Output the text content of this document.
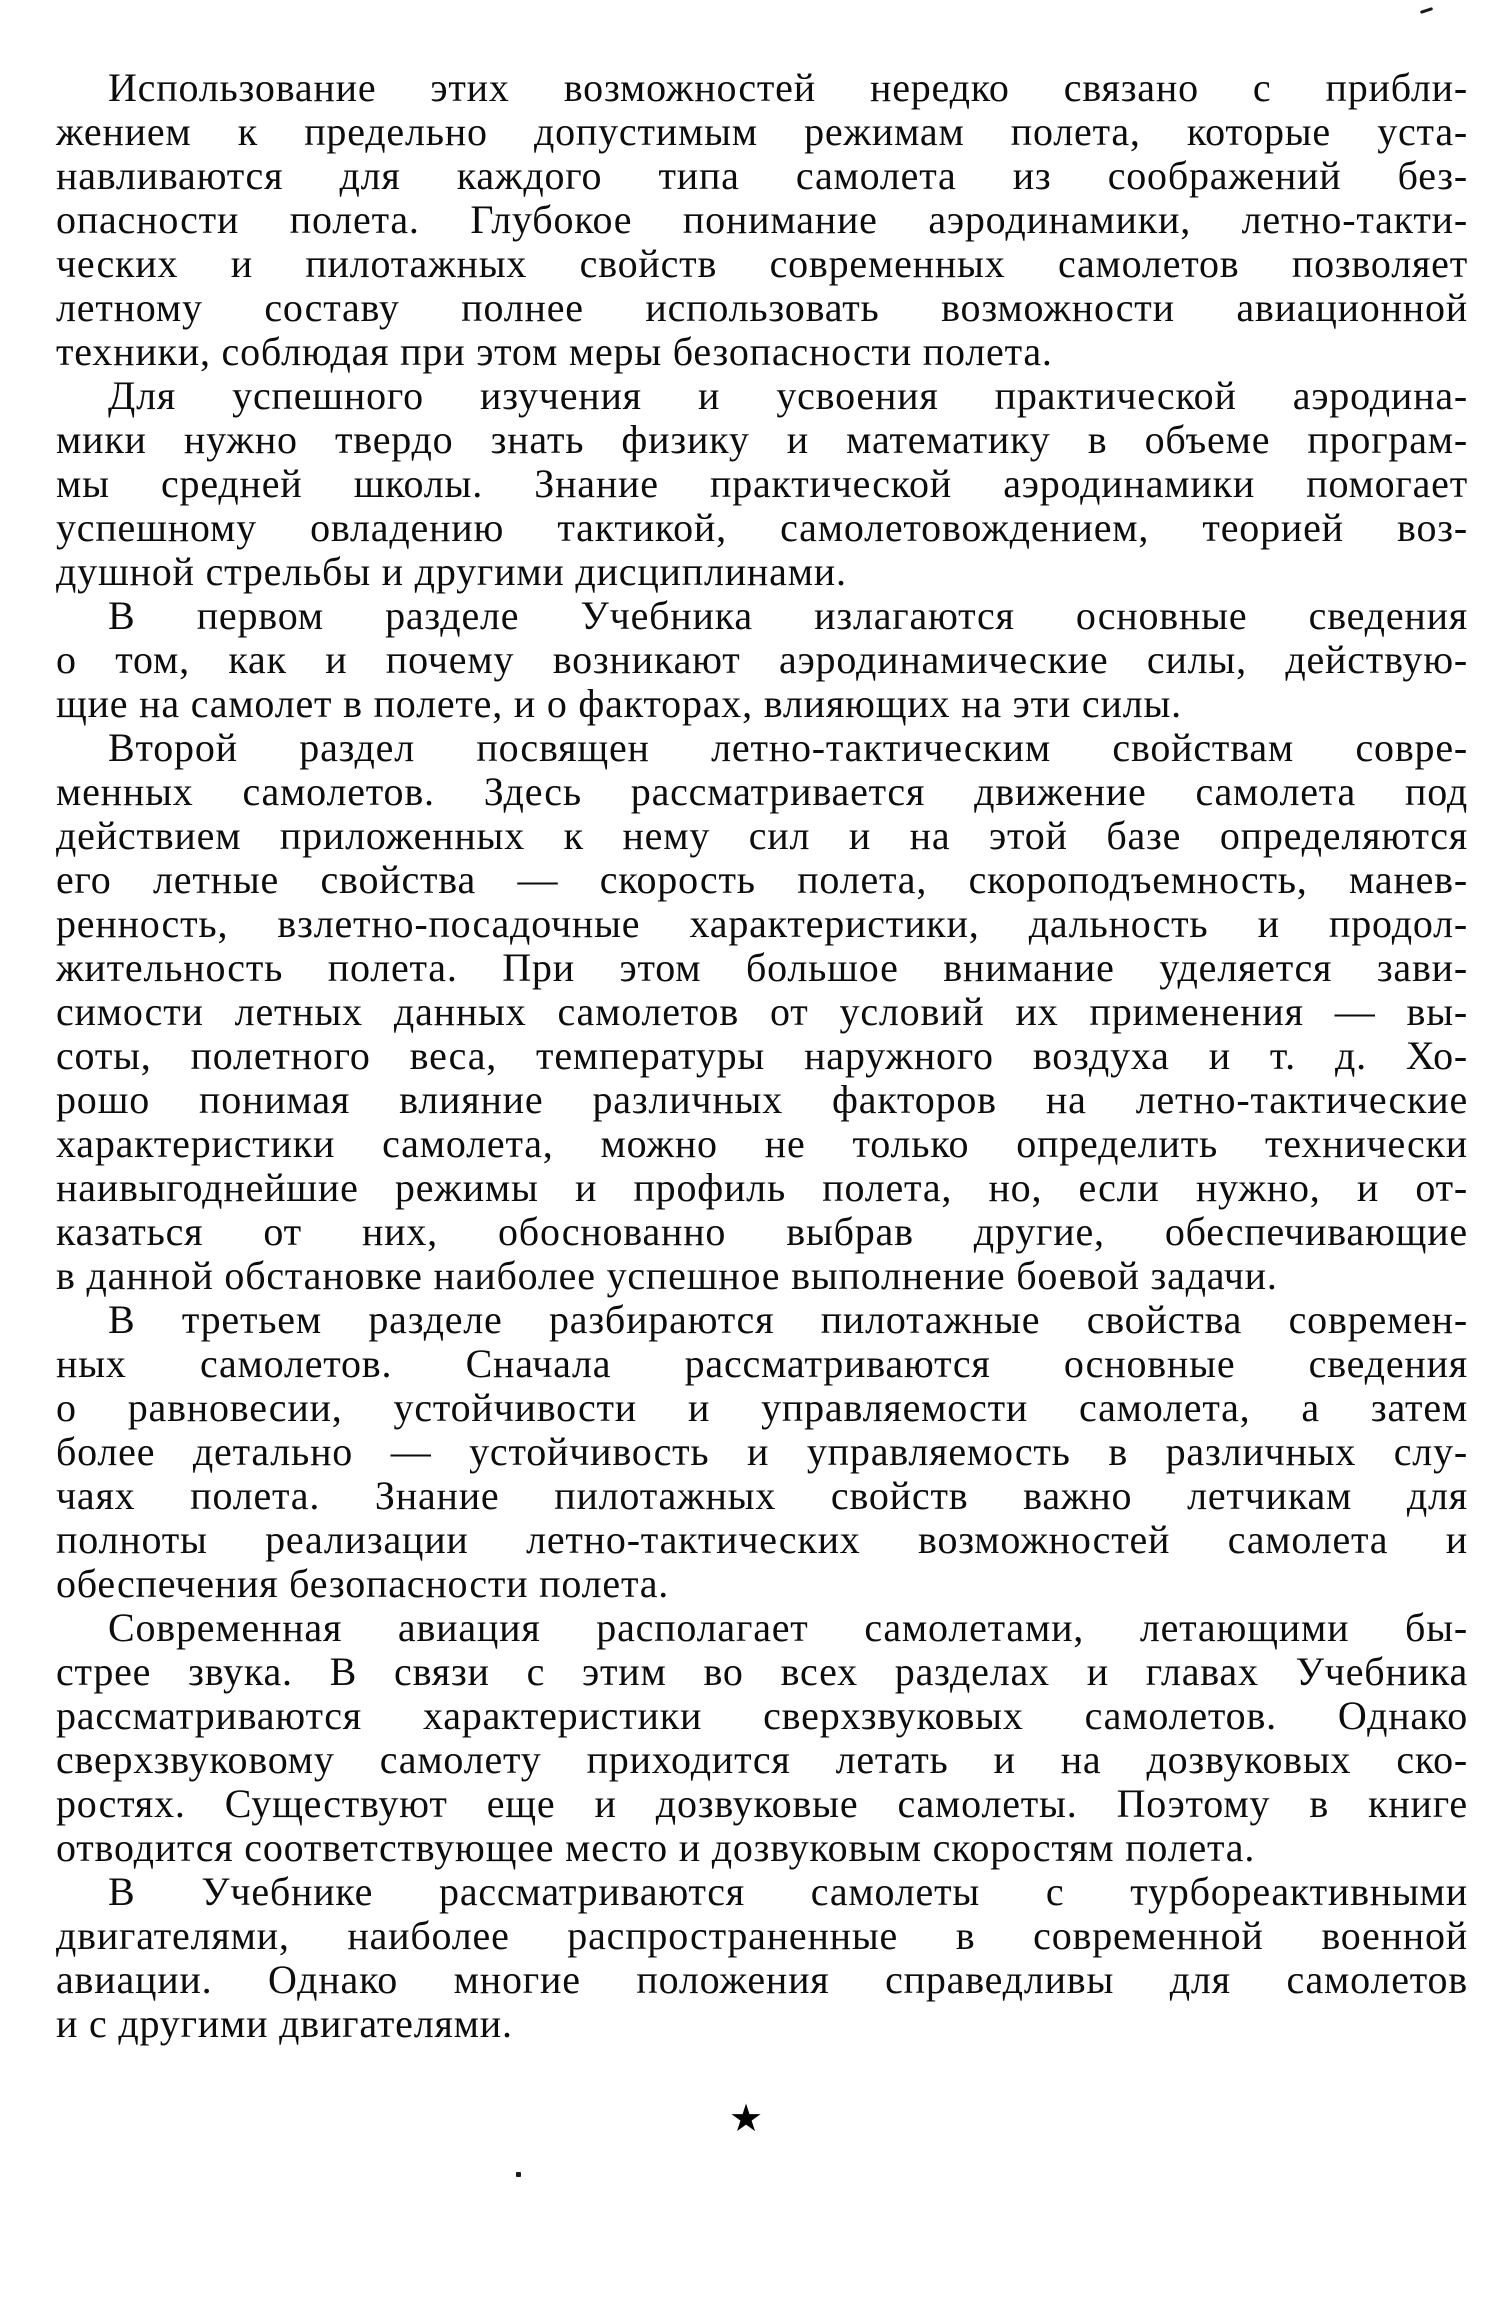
Использование этих возможностей нередко связано с прибли-
жением к предельно допустимым режимам полета, которые уста-
навливаются для каждого типа самолета из соображений без-
опасности полета. Глубокое понимание аэродинамики, летно-такти-
ческих и пилотажных свойств современных самолетов позволяет
летному составу полнее использовать возможности авиационной
техники, соблюдая при этом меры безопасности полета.
Для успешного изучения и усвоения практической аэродина-
мики нужно твердо знать физику и математику в объеме програм-
мы средней школы. Знание практической аэродинамики помогает
успешному овладению тактикой, самолетовождением, теорией воз-
душной стрельбы и другими дисциплинами.
В первом разделе Учебника излагаются основные сведения
о том, как и почему возникают аэродинамические силы, действую-
щие на самолет в полете, и о факторах, влияющих на эти силы.
Второй раздел посвящен летно-тактическим свойствам совре-
менных самолетов. Здесь рассматривается движение самолета под
действием приложенных к нему сил и на этой базе определяются
его летные свойства — скорость полета, скороподъемность, манев-
ренность, взлетно-посадочные характеристики, дальность и продол-
жительность полета. При этом большое внимание уделяется зави-
симости летных данных самолетов от условий их применения — вы-
соты, полетного веса, температуры наружного воздуха и т. д. Хо-
рошо понимая влияние различных факторов на летно-тактические
характеристики самолета, можно не только определить технически
наивыгоднейшие режимы и профиль полета, но, если нужно, и от-
казаться от них, обоснованно выбрав другие, обеспечивающие
в данной обстановке наиболее успешное выполнение боевой задачи.
В третьем разделе разбираются пилотажные свойства современ-
ных самолетов. Сначала рассматриваются основные сведения
о равновесии, устойчивости и управляемости самолета, а затем
более детально — устойчивость и управляемость в различных слу-
чаях полета. Знание пилотажных свойств важно летчикам для
полноты реализации летно-тактических возможностей самолета и
обеспечения безопасности полета.
Современная авиация располагает самолетами, летающими бы-
стрее звука. В связи с этим во всех разделах и главах Учебника
рассматриваются характеристики сверхзвуковых самолетов. Однако
сверхзвуковому самолету приходится летать и на дозвуковых ско-
ростях. Существуют еще и дозвуковые самолеты. Поэтому в книге
отводится соответствующее место и дозвуковым скоростям полета.
В Учебнике рассматриваются самолеты с турбореактивными
двигателями, наиболее распространенные в современной военной
авиации. Однако многие положения справедливы для самолетов
и с другими двигателями.
★
